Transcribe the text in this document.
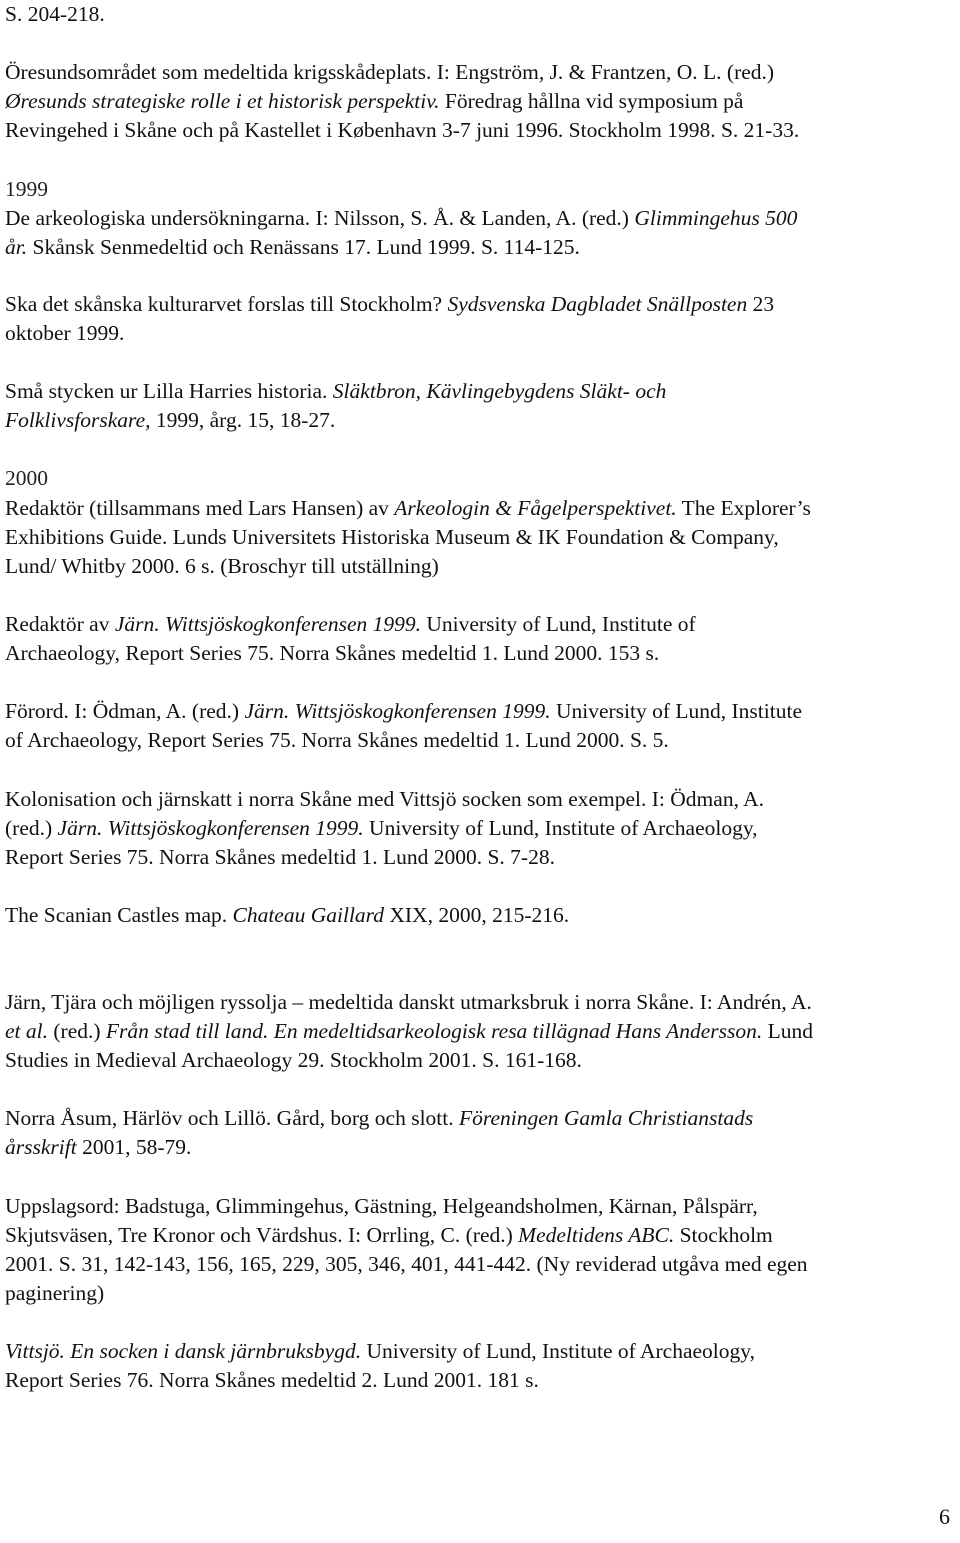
S. 204-218.
Öresundsområdet som medeltida krigsskådeplats. I: Engström, J. & Frantzen, O. L. (red.)
Øresunds strategiske rolle i et historisk perspektiv. Föredrag hållna vid symposium på
Revingehed i Skåne och på Kastellet i København 3-7 juni 1996. Stockholm 1998. S. 21-33.
1999
De arkeologiska undersökningarna. I: Nilsson, S. Å. & Landen, A. (red.) Glimmingehus 500
år. Skånsk Senmedeltid och Renässans 17. Lund 1999. S. 114-125.
Ska det skånska kulturarvet forslas till Stockholm? Sydsvenska Dagbladet Snällposten 23
oktober 1999.
Små stycken ur Lilla Harries historia. Släktbron, Kävlingebygdens Släkt- och
Folklivsforskare, 1999, årg. 15, 18-27.
2000
Redaktör (tillsammans med Lars Hansen) av Arkeologin & Fågelperspektivet. The Explorer’s
Exhibitions Guide. Lunds Universitets Historiska Museum & IK Foundation & Company,
Lund/ Whitby 2000. 6 s. (Broschyr till utställning)
Redaktör av Järn. Wittsjöskogkonferensen 1999. University of Lund, Institute of
Archaeology, Report Series 75. Norra Skånes medeltid 1. Lund 2000. 153 s.
Förord. I: Ödman, A. (red.) Järn. Wittsjöskogkonferensen 1999. University of Lund, Institute
of Archaeology, Report Series 75. Norra Skånes medeltid 1. Lund 2000. S. 5.
Kolonisation och järnskatt i norra Skåne med Vittsjö socken som exempel. I: Ödman, A.
(red.) Järn. Wittsjöskogkonferensen 1999. University of Lund, Institute of Archaeology,
Report Series 75. Norra Skånes medeltid 1. Lund 2000. S. 7-28.
The Scanian Castles map. Chateau Gaillard XIX, 2000, 215-216.
Järn, Tjära och möjligen ryssolja – medeltida danskt utmarksbruk i norra Skåne. I: Andrén, A.
et al. (red.) Från stad till land. En medeltidsarkeologisk resa tillägnad Hans Andersson. Lund
Studies in Medieval Archaeology 29. Stockholm 2001. S. 161-168.
Norra Åsum, Härlöv och Lillö. Gård, borg och slott. Föreningen Gamla Christianstads
årsskrift 2001, 58-79.
Uppslagsord: Badstuga, Glimmingehus, Gästning, Helgeandsholmen, Kärnan, Pålspärr,
Skjutsväsen, Tre Kronor och Värdshus. I: Orrling, C. (red.) Medeltidens ABC. Stockholm
2001. S. 31, 142-143, 156, 165, 229, 305, 346, 401, 441-442. (Ny reviderad utgåva med egen
paginering)
Vittsjö. En socken i dansk järnbruksbygd. University of Lund, Institute of Archaeology,
Report Series 76. Norra Skånes medeltid 2. Lund 2001. 181 s.
6
